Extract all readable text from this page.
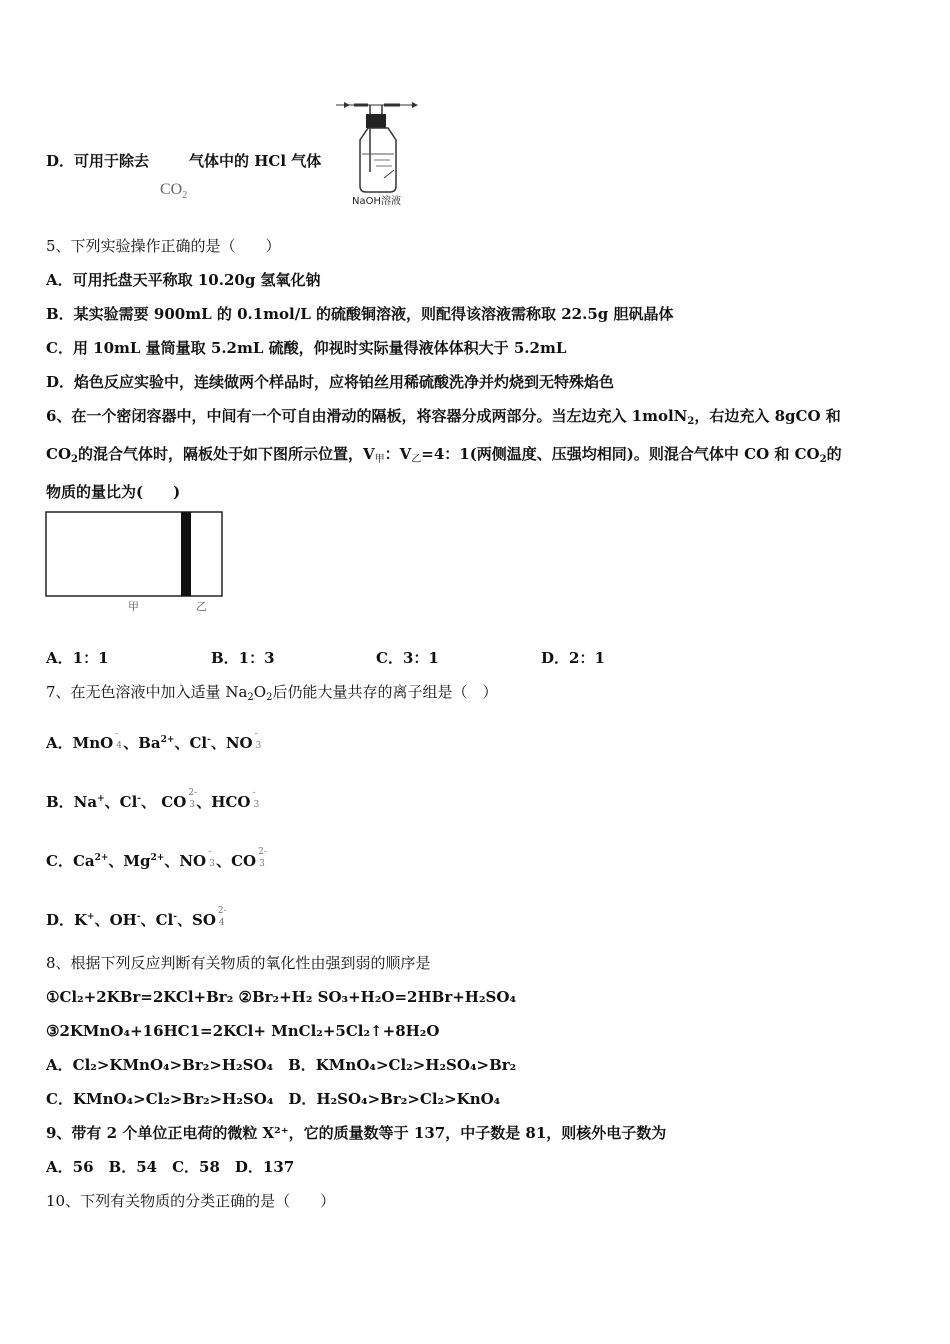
D．可用于除去	气体中的 HCl 气体
$CO_2$
NaOH溶液
5、下列实验操作正确的是（　　）
A．可用托盘天平称取 10.20g 氢氧化钠
B．某实验需要 900mL 的 0.1mol/L 的硫酸铜溶液，则配得该溶液需称取 22.5g 胆矾晶体
C．用 10mL 量筒量取 5.2mL 硫酸，仰视时实际量得液体体积大于 5.2mL
D．焰色反应实验中，连续做两个样品时，应将铂丝用稀硫酸洗净并灼烧到无特殊焰色
6、在一个密闭容器中，中间有一个可自由滑动的隔板，将容器分成两部分。当左边充入 1molN$_2$，右边充入 8gCO 和
$CO_2$的混合气体时，隔板处于如下图所示位置，$V_甲$：$V_乙=4$：1(两侧温度、压强均相同)。则混合气体中 CO 和 $CO_2$的
物质的量比为(　　)
甲	乙
A．1：1	B．1：3	C．3：1	D．2：1
7、在无色溶液中加入适量 $Na_2O_2$后仍能大量共存的离子组是（　）
A．MnO -
4 、$Ba^{2+}$、Cl-、NO -
3
B．Na+、Cl-、 CO 2-
3 、HCO -
3
C．$Ca^{2+}$、$Mg^{2+}$、NO -
3 、CO 2-
3
D．K+、OH-、Cl-、SO 2-
4
8、根据下列反应判断有关物质的氧化性由强到弱的顺序是
①Cl₂+2KBr=2KCl+Br₂ ②Br₂+H₂ SO₃+H₂O=2HBr+H₂SO₄
③2KMnO₄+16HC1=2KCl+ MnCl₂+5Cl₂↑+8H₂O
A．Cl₂>KMnO₄>Br₂>H₂SO₄　B．KMnO₄>Cl₂>H₂SO₄>Br₂
C．KMnO₄>Cl₂>Br₂>H₂SO₄　D．H₂SO₄>Br₂>Cl₂>KnO₄
9、带有 2 个单位正电荷的微粒 X²⁺，它的质量数等于 137，中子数是 81，则核外电子数为
A．56　B．54　C．58　D．137
10、下列有关物质的分类正确的是（　　）
